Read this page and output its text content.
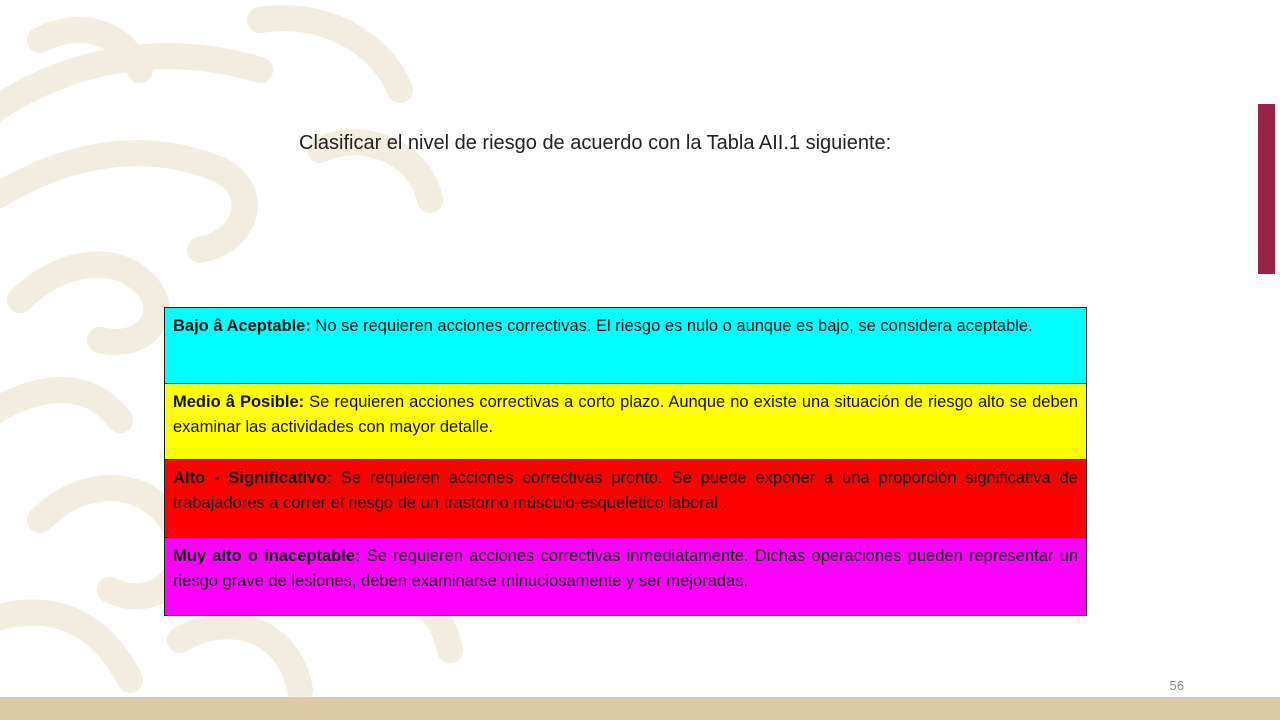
Clasificar el nivel de riesgo de acuerdo con la Tabla AII.1 siguiente:

Bajo â Aceptable: No se requieren acciones correctivas. El riesgo es nulo o aunque es bajo, se considera aceptable.
Medio â Posible: Se requieren acciones correctivas a corto plazo. Aunque no existe una situación de riesgo alto se deben examinar las actividades con mayor detalle.
Alto - Significativo: Se requieren acciones correctivas pronto. Se puede exponer a una proporción significativa de trabajadores a correr el riesgo de un trastorno músculo-esquelético laboral .
Muy alto o inaceptable: Se requieren acciones correctivas inmediatamente. Dichas operaciones pueden representar un riesgo grave de lesiones, deben examinarse minuciosamente y ser mejoradas.
56
